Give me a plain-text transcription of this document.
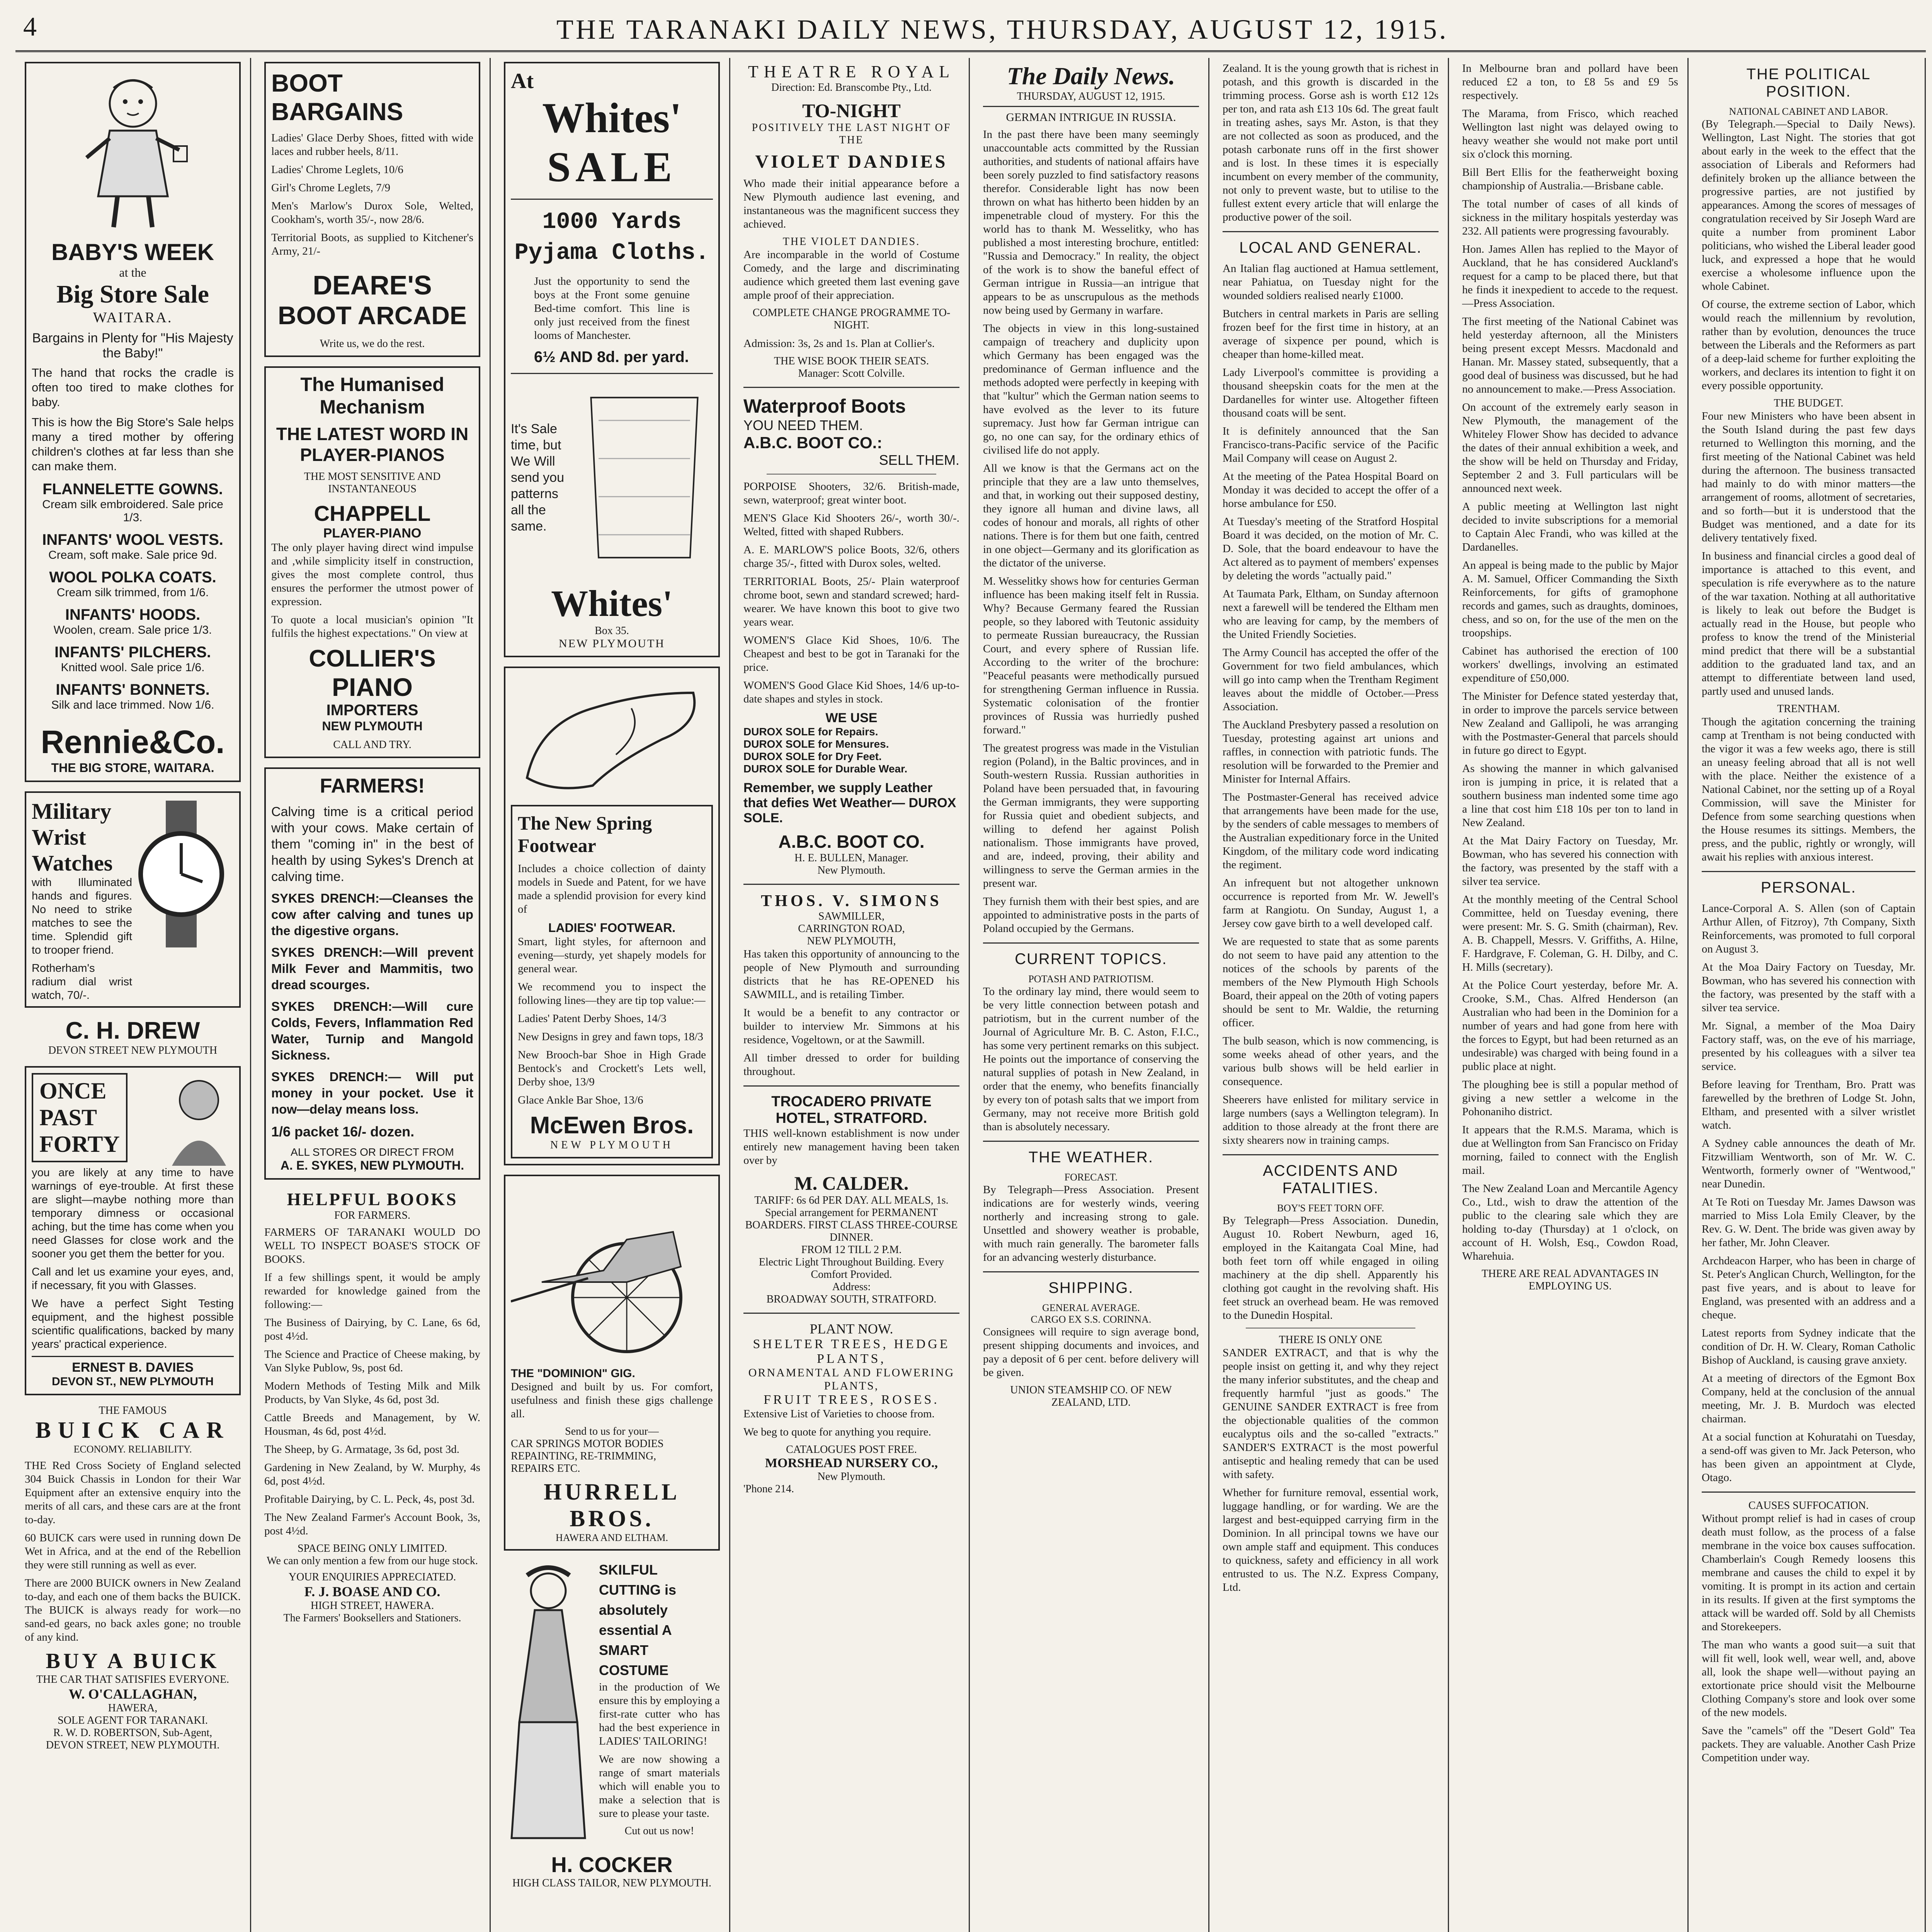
4	THE TARANAKI DAILY NEWS, THURSDAY, AUGUST 12, 1915.
BABY'S WEEK
at the
Big Store Sale
WAITARA.
Bargains in Plenty for "His Majesty the Baby!"
The hand that rocks the cradle is often too tired to make clothes for baby.
This is how the Big Store's Sale helps many a tired mother by offering children's clothes at far less than she can make them.
FLANNELETTE GOWNS.
Cream silk embroidered. Sale price 1/3.
INFANTS' WOOL VESTS.
Cream, soft make. Sale price 9d.
WOOL POLKA COATS.
Cream silk trimmed, from 1/6.
INFANTS' HOODS.
Woolen, cream. Sale price 1/3.
INFANTS' PILCHERS.
Knitted wool. Sale price 1/6.
INFANTS' BONNETS.
Silk and lace trimmed. Now 1/6.
Rennie&Co.
THE BIG STORE, WAITARA.
Military
Wrist
Watches
with Illuminated hands and figures. No need to strike matches to see the time. Splendid gift to trooper friend.
Rotherham's radium dial wrist watch, 70/-.
C. H. DREW
DEVON STREET NEW PLYMOUTH
ONCE
PAST
FORTY
you are likely at any time to have warnings of eye-trouble. At first these are slight—maybe nothing more than temporary dimness or occasional aching, but the time has come when you need Glasses for close work and the sooner you get them the better for you.
Call and let us examine your eyes, and, if necessary, fit you with Glasses.
We have a perfect Sight Testing equipment, and the highest possible scientific qualifications, backed by many years' practical experience.
ERNEST B. DAVIES
DEVON ST., NEW PLYMOUTH
THE FAMOUS
BUICK CAR
ECONOMY. RELIABILITY.
THE Red Cross Society of England selected 304 Buick Chassis in London for their War Equipment after an extensive enquiry into the merits of all cars, and these cars are at the front to-day.
60 BUICK cars were used in running down De Wet in Africa, and at the end of the Rebellion they were still running as well as ever.
There are 2000 BUICK owners in New Zealand to-day, and each one of them backs the BUICK. The BUICK is always ready for work—no sand-ed gears, no back axles gone; no trouble of any kind.
BUY A BUICK
THE CAR THAT SATISFIES EVERYONE.
W. O'CALLAGHAN,
HAWERA,
SOLE AGENT FOR TARANAKI.
R. W. D. ROBERTSON, Sub-Agent,
DEVON STREET, NEW PLYMOUTH.
BOOT
BARGAINS
Ladies' Glace Derby Shoes, fitted with wide laces and rubber heels, 8/11.
Ladies' Chrome Leglets, 10/6
Girl's Chrome Leglets, 7/9
Men's Marlow's Durox Sole, Welted, Cookham's, worth 35/-, now 28/6.
Territorial Boots, as supplied to Kitchener's Army, 21/-
DEARE'S
BOOT ARCADE
Write us, we do the rest.
The Humanised Mechanism
THE LATEST WORD IN PLAYER-PIANOS
THE MOST SENSITIVE AND INSTANTANEOUS
CHAPPELL
PLAYER-PIANO
The only player having direct wind impulse and ,while simplicity itself in construction, gives the most complete control, thus ensures the performer the utmost power of expression.
To quote a local musician's opinion "It fulfils the highest expectations." On view at
COLLIER'S
PIANO
IMPORTERS
NEW PLYMOUTH
CALL AND TRY.
FARMERS!
Calving time is a critical period with your cows. Make certain of them "coming in" in the best of health by using Sykes's Drench at calving time.
SYKES DRENCH:—Cleanses the cow after calving and tunes up the digestive organs.
SYKES DRENCH:—Will prevent Milk Fever and Mammitis, two dread scourges.
SYKES DRENCH:—Will cure Colds, Fevers, Inflammation Red Water, Turnip and Mangold Sickness.
SYKES DRENCH:— Will put money in your pocket. Use it now—delay means loss.
1/6 packet 16/- dozen.
ALL STORES OR DIRECT FROM
A. E. SYKES, NEW PLYMOUTH.
HELPFUL BOOKS
FOR FARMERS.
FARMERS OF TARANAKI WOULD DO WELL TO INSPECT BOASE'S STOCK OF BOOKS.
If a few shillings spent, it would be amply rewarded for knowledge gained from the following:—
The Business of Dairying, by C. Lane, 6s 6d, post 4½d.
The Science and Practice of Cheese making, by Van Slyke Publow, 9s, post 6d.
Modern Methods of Testing Milk and Milk Products, by Van Slyke, 4s 6d, post 3d.
Cattle Breeds and Management, by W. Housman, 4s 6d, post 4½d.
The Sheep, by G. Armatage, 3s 6d, post 3d.
Gardening in New Zealand, by W. Murphy, 4s 6d, post 4½d.
Profitable Dairying, by C. L. Peck, 4s, post 3d.
The New Zealand Farmer's Account Book, 3s, post 4½d.
SPACE BEING ONLY LIMITED.
We can only mention a few from our huge stock.
YOUR ENQUIRIES APPRECIATED.
F. J. BOASE AND CO.
HIGH STREET, HAWERA.
The Farmers' Booksellers and Stationers.
At
Whites'
SALE
1000 Yards Pyjama Cloths.
Just the opportunity to send the boys at the Front some genuine Bed-time comfort. This line is only just received from the finest looms of Manchester.
6½ AND 8d. per yard.
It's Sale time, but We Will send you patterns all the same.
Whites'
Box 35.
NEW PLYMOUTH
The New Spring Footwear
Includes a choice collection of dainty models in Suede and Patent, for we have made a splendid provision for every kind of
LADIES' FOOTWEAR.
Smart, light styles, for afternoon and evening—sturdy, yet shapely models for general wear.
We recommend you to inspect the following lines—they are tip top value:—
Ladies' Patent Derby Shoes, 14/3
New Designs in grey and fawn tops, 18/3
New Brooch-bar Shoe in High Grade Bentock's and Crockett's Lets well, Derby shoe, 13/9
Glace Ankle Bar Shoe, 13/6
McEwen Bros.
NEW PLYMOUTH
THE "DOMINION" GIG.
Designed and built by us. For comfort, usefulness and finish these gigs challenge all.
Send to us for your—
CAR SPRINGS MOTOR BODIES
REPAINTING, RE-TRIMMING,
REPAIRS ETC.
HURRELL BROS.
HAWERA AND ELTHAM.
SKILFUL CUTTING is absolutely essential A SMART COSTUME
in the production of We ensure this by employing a first-rate cutter who has had the best experience in LADIES' TAILORING!
We are now showing a range of smart materials which will enable you to make a selection that is sure to please your taste.
Cut out us now!
H. COCKER
HIGH CLASS TAILOR, NEW PLYMOUTH.
THEATRE ROYAL
Direction: Ed. Branscombe Pty., Ltd.
TO-NIGHT
POSITIVELY THE LAST NIGHT OF THE
VIOLET DANDIES
Who made their initial appearance before a New Plymouth audience last evening, and instantaneous was the magnificent success they achieved.
THE VIOLET DANDIES.
Are incomparable in the world of Costume Comedy, and the large and discriminating audience which greeted them last evening gave ample proof of their appreciation.
COMPLETE CHANGE PROGRAMME TO-NIGHT.
Admission: 3s, 2s and 1s. Plan at Collier's.
THE WISE BOOK THEIR SEATS.
Manager: Scott Colville.
Waterproof Boots
YOU NEED THEM.
A.B.C. BOOT CO.:
SELL THEM.
PORPOISE Shooters, 32/6. British-made, sewn, waterproof; great winter boot.
MEN'S Glace Kid Shooters 26/-, worth 30/-. Welted, fitted with shaped Rubbers.
A. E. MARLOW'S police Boots, 32/6, others charge 35/-, fitted with Durox soles, welted.
TERRITORIAL Boots, 25/- Plain waterproof chrome boot, sewn and standard screwed; hard-wearer. We have known this boot to give two years wear.
WOMEN'S Glace Kid Shoes, 10/6. The Cheapest and best to be got in Taranaki for the price.
WOMEN'S Good Glace Kid Shoes, 14/6 up-to-date shapes and styles in stock.
WE USE
DUROX SOLE for Repairs.
DUROX SOLE for Mensures.
DUROX SOLE for Dry Feet.
DUROX SOLE for Durable Wear.
Remember, we supply Leather that defies Wet Weather— DUROX SOLE.
A.B.C. BOOT CO.
H. E. BULLEN, Manager.
New Plymouth.
THOS. V. SIMONS
SAWMILLER,
CARRINGTON ROAD,
NEW PLYMOUTH,
Has taken this opportunity of announcing to the people of New Plymouth and surrounding districts that he has RE-OPENED his SAWMILL, and is retailing Timber.
It would be a benefit to any contractor or builder to interview Mr. Simmons at his residence, Vogeltown, or at the Sawmill.
All timber dressed to order for building throughout.
TROCADERO PRIVATE HOTEL, STRATFORD.
THIS well-known establishment is now under entirely new management having been taken over by
M. CALDER.
TARIFF: 6s 6d PER DAY. ALL MEALS, 1s.
Special arrangement for PERMANENT BOARDERS. FIRST CLASS THREE-COURSE DINNER.
FROM 12 TILL 2 P.M.
Electric Light Throughout Building. Every Comfort Provided.
Address:
BROADWAY SOUTH, STRATFORD.
PLANT NOW.
SHELTER TREES, HEDGE PLANTS,
ORNAMENTAL AND FLOWERING PLANTS,
FRUIT TREES, ROSES.
Extensive List of Varieties to choose from.
We beg to quote for anything you require.
CATALOGUES POST FREE.
MORSHEAD NURSERY CO.,
New Plymouth.
'Phone 214.
The Daily News.
THURSDAY, AUGUST 12, 1915.
GERMAN INTRIGUE IN RUSSIA.
In the past there have been many seemingly unaccountable acts committed by the Russian authorities, and students of national affairs have been sorely puzzled to find satisfactory reasons therefor. Considerable light has now been thrown on what has hitherto been hidden by an impenetrable cloud of mystery. For this the world has to thank M. Wesselitky, who has published a most interesting brochure, entitled: "Russia and Democracy." In reality, the object of the work is to show the baneful effect of German intrigue in Russia—an intrigue that appears to be as unscrupulous as the methods now being used by Germany in warfare.
The objects in view in this long-sustained campaign of treachery and duplicity upon which Germany has been engaged was the predominance of German influence and the methods adopted were perfectly in keeping with that "kultur" which the German nation seems to have evolved as the lever to its future supremacy. Just how far German intrigue can go, no one can say, for the ordinary ethics of civilised life do not apply.
All we know is that the Germans act on the principle that they are a law unto themselves, and that, in working out their supposed destiny, they ignore all human and divine laws, all codes of honour and morals, all rights of other nations. There is for them but one faith, centred in one object—Germany and its glorification as the dictator of the universe.
M. Wesselitky shows how for centuries German influence has been making itself felt in Russia. Why? Because Germany feared the Russian people, so they labored with Teutonic assiduity to permeate Russian bureaucracy, the Russian Court, and every sphere of Russian life. According to the writer of the brochure: "Peaceful peasants were methodically pursued for strengthening German influence in Russia. Systematic colonisation of the frontier provinces of Russia was hurriedly pushed forward."
The greatest progress was made in the Vistulian region (Poland), in the Baltic provinces, and in South-western Russia. Russian authorities in Poland have been persuaded that, in favouring the German immigrants, they were supporting for Russia quiet and obedient subjects, and willing to defend her against Polish nationalism. Those immigrants have proved, and are, indeed, proving, their ability and willingness to serve the German armies in the present war.
They furnish them with their best spies, and are appointed to administrative posts in the parts of Poland occupied by the Germans.
CURRENT TOPICS.
POTASH AND PATRIOTISM.
To the ordinary lay mind, there would seem to be very little connection between potash and patriotism, but in the current number of the Journal of Agriculture Mr. B. C. Aston, F.I.C., has some very pertinent remarks on this subject. He points out the importance of conserving the natural supplies of potash in New Zealand, in order that the enemy, who benefits financially by every ton of potash salts that we import from Germany, may not receive more British gold than is absolutely necessary.
THE WEATHER.
FORECAST.
By Telegraph—Press Association. Present indications are for westerly winds, veering northerly and increasing strong to gale. Unsettled and showery weather is probable, with much rain generally. The barometer falls for an advancing westerly disturbance.
SHIPPING.
GENERAL AVERAGE.
CARGO EX S.S. CORINNA.
Consignees will require to sign average bond, present shipping documents and invoices, and pay a deposit of 6 per cent. before delivery will be given.
UNION STEAMSHIP CO. OF NEW ZEALAND, LTD.
Zealand. It is the young growth that is richest in potash, and this growth is discarded in the trimming process. Gorse ash is worth £12 12s per ton, and rata ash £13 10s 6d. The great fault in treating ashes, says Mr. Aston, is that they are not collected as soon as produced, and the potash carbonate runs off in the first shower and is lost. In these times it is especially incumbent on every member of the community, not only to prevent waste, but to utilise to the fullest extent every article that will enlarge the productive power of the soil.
LOCAL AND GENERAL.
An Italian flag auctioned at Hamua settlement, near Pahiatua, on Tuesday night for the wounded soldiers realised nearly £1000.
Butchers in central markets in Paris are selling frozen beef for the first time in history, at an average of sixpence per pound, which is cheaper than home-killed meat.
Lady Liverpool's committee is providing a thousand sheepskin coats for the men at the Dardanelles for winter use. Altogether fifteen thousand coats will be sent.
It is definitely announced that the San Francisco-trans-Pacific service of the Pacific Mail Company will cease on August 2.
At the meeting of the Patea Hospital Board on Monday it was decided to accept the offer of a horse ambulance for £50.
At Tuesday's meeting of the Stratford Hospital Board it was decided, on the motion of Mr. C. D. Sole, that the board endeavour to have the Act altered as to payment of members' expenses by deleting the words "actually paid."
At Taumata Park, Eltham, on Sunday afternoon next a farewell will be tendered the Eltham men who are leaving for camp, by the members of the United Friendly Societies.
The Army Council has accepted the offer of the Government for two field ambulances, which will go into camp when the Trentham Regiment leaves about the middle of October.—Press Association.
The Auckland Presbytery passed a resolution on Tuesday, protesting against art unions and raffles, in connection with patriotic funds. The resolution will be forwarded to the Premier and Minister for Internal Affairs.
The Postmaster-General has received advice that arrangements have been made for the use, by the senders of cable messages to members of the Australian expeditionary force in the United Kingdom, of the military code word indicating the regiment.
An infrequent but not altogether unknown occurrence is reported from Mr. W. Jewell's farm at Rangiotu. On Sunday, August 1, a Jersey cow gave birth to a well developed calf.
We are requested to state that as some parents do not seem to have paid any attention to the notices of the schools by parents of the members of the New Plymouth High Schools Board, their appeal on the 20th of voting papers should be sent to Mr. Waldie, the returning officer.
The bulb season, which is now commencing, is some weeks ahead of other years, and the various bulb shows will be held earlier in consequence.
Sheerers have enlisted for military service in large numbers (says a Wellington telegram). In addition to those already at the front there are sixty shearers now in training camps.
ACCIDENTS AND FATALITIES.
BOY'S FEET TORN OFF.
By Telegraph—Press Association. Dunedin, August 10. Robert Newburn, aged 16, employed in the Kaitangata Coal Mine, had both feet torn off while engaged in oiling machinery at the dip shell. Apparently his clothing got caught in the revolving shaft. His feet struck an overhead beam. He was removed to the Dunedin Hospital.
THERE IS ONLY ONE
SANDER EXTRACT, and that is why the people insist on getting it, and why they reject the many inferior substitutes, and the cheap and frequently harmful "just as goods." The GENUINE SANDER EXTRACT is free from the objectionable qualities of the common eucalyptus oils and the so-called "extracts." SANDER'S EXTRACT is the most powerful antiseptic and healing remedy that can be used with safety.
Whether for furniture removal, essential work, luggage handling, or for warding. We are the largest and best-equipped carrying firm in the Dominion. In all principal towns we have our own ample staff and equipment. This conduces to quickness, safety and efficiency in all work entrusted to us. The N.Z. Express Company, Ltd.
In Melbourne bran and pollard have been reduced £2 a ton, to £8 5s and £9 5s respectively.
The Marama, from Frisco, which reached Wellington last night was delayed owing to heavy weather she would not make port until six o'clock this morning.
Bill Bert Ellis for the featherweight boxing championship of Australia.—Brisbane cable.
The total number of cases of all kinds of sickness in the military hospitals yesterday was 232. All patients were progressing favourably.
Hon. James Allen has replied to the Mayor of Auckland, that he has considered Auckland's request for a camp to be placed there, but that he finds it inexpedient to accede to the request.—Press Association.
The first meeting of the National Cabinet was held yesterday afternoon, all the Ministers being present except Messrs. Macdonald and Hanan. Mr. Massey stated, subsequently, that a good deal of business was discussed, but he had no announcement to make.—Press Association.
On account of the extremely early season in New Plymouth, the management of the Whiteley Flower Show has decided to advance the dates of their annual exhibition a week, and the show will be held on Thursday and Friday, September 2 and 3. Full particulars will be announced next week.
A public meeting at Wellington last night decided to invite subscriptions for a memorial to Captain Alec Frandi, who was killed at the Dardanelles.
An appeal is being made to the public by Major A. M. Samuel, Officer Commanding the Sixth Reinforcements, for gifts of gramophone records and games, such as draughts, dominoes, chess, and so on, for the use of the men on the troopships.
Cabinet has authorised the erection of 100 workers' dwellings, involving an estimated expenditure of £50,000.
The Minister for Defence stated yesterday that, in order to improve the parcels service between New Zealand and Gallipoli, he was arranging with the Postmaster-General that parcels should in future go direct to Egypt.
As showing the manner in which galvanised iron is jumping in price, it is related that a southern business man indented some time ago a line that cost him £18 10s per ton to land in New Zealand.
At the Mat Dairy Factory on Tuesday, Mr. Bowman, who has severed his connection with the factory, was presented by the staff with a silver tea service.
At the monthly meeting of the Central School Committee, held on Tuesday evening, there were present: Mr. S. G. Smith (chairman), Rev. A. B. Chappell, Messrs. V. Griffiths, A. Hilne, F. Hardgrave, F. Coleman, G. H. Dilby, and C. H. Mills (secretary).
At the Police Court yesterday, before Mr. A. Crooke, S.M., Chas. Alfred Henderson (an Australian who had been in the Dominion for a number of years and had gone from here with the forces to Egypt, but had been returned as an undesirable) was charged with being found in a public place at night.
The ploughing bee is still a popular method of giving a new settler a welcome in the Pohonaniho district.
It appears that the R.M.S. Marama, which is due at Wellington from San Francisco on Friday morning, failed to connect with the English mail.
The New Zealand Loan and Mercantile Agency Co., Ltd., wish to draw the attention of the public to the clearing sale which they are holding to-day (Thursday) at 1 o'clock, on account of H. Wolsh, Esq., Cowdon Road, Wharehuia.
THERE ARE REAL ADVANTAGES IN EMPLOYING US.
THE POLITICAL POSITION.
NATIONAL CABINET AND LABOR.
(By Telegraph.—Special to Daily News). Wellington, Last Night. The stories that got about early in the week to the effect that the association of Liberals and Reformers had definitely broken up the alliance between the progressive parties, are not justified by appearances. Among the scores of messages of congratulation received by Sir Joseph Ward are quite a number from prominent Labor politicians, who wished the Liberal leader good luck, and expressed a hope that he would exercise a wholesome influence upon the whole Cabinet.
Of course, the extreme section of Labor, which would reach the millennium by revolution, rather than by evolution, denounces the truce between the Liberals and the Reformers as part of a deep-laid scheme for further exploiting the workers, and declares its intention to fight it on every possible opportunity.
THE BUDGET.
Four new Ministers who have been absent in the South Island during the past few days returned to Wellington this morning, and the first meeting of the National Cabinet was held during the afternoon. The business transacted had mainly to do with minor matters—the arrangement of rooms, allotment of secretaries, and so forth—but it is understood that the Budget was mentioned, and a date for its delivery tentatively fixed.
In business and financial circles a good deal of importance is attached to this event, and speculation is rife everywhere as to the nature of the war taxation. Nothing at all authoritative is likely to leak out before the Budget is actually read in the House, but people who profess to know the trend of the Ministerial mind predict that there will be a substantial addition to the graduated land tax, and an attempt to differentiate between land used, partly used and unused lands.
TRENTHAM.
Though the agitation concerning the training camp at Trentham is not being conducted with the vigor it was a few weeks ago, there is still an uneasy feeling abroad that all is not well with the place. Neither the existence of a National Cabinet, nor the setting up of a Royal Commission, will save the Minister for Defence from some searching questions when the House resumes its sittings. Members, the press, and the public, rightly or wrongly, will await his replies with anxious interest.
PERSONAL.
Lance-Corporal A. S. Allen (son of Captain Arthur Allen, of Fitzroy), 7th Company, Sixth Reinforcements, was promoted to full corporal on August 3.
At the Moa Dairy Factory on Tuesday, Mr. Bowman, who has severed his connection with the factory, was presented by the staff with a silver tea service.
Mr. Signal, a member of the Moa Dairy Factory staff, was, on the eve of his marriage, presented by his colleagues with a silver tea service.
Before leaving for Trentham, Bro. Pratt was farewelled by the brethren of Lodge St. John, Eltham, and presented with a silver wristlet watch.
A Sydney cable announces the death of Mr. Fitzwilliam Wentworth, son of Mr. W. C. Wentworth, formerly owner of "Wentwood," near Dunedin.
At Te Roti on Tuesday Mr. James Dawson was married to Miss Lola Emily Cleaver, by the Rev. G. W. Dent. The bride was given away by her father, Mr. John Cleaver.
Archdeacon Harper, who has been in charge of St. Peter's Anglican Church, Wellington, for the past five years, and is about to leave for England, was presented with an address and a cheque.
Latest reports from Sydney indicate that the condition of Dr. H. W. Cleary, Roman Catholic Bishop of Auckland, is causing grave anxiety.
At a meeting of directors of the Egmont Box Company, held at the conclusion of the annual meeting, Mr. J. B. Murdoch was elected chairman.
At a social function at Kohuratahi on Tuesday, a send-off was given to Mr. Jack Peterson, who has been given an appointment at Clyde, Otago.
CAUSES SUFFOCATION.
Without prompt relief is had in cases of croup death must follow, as the process of a false membrane in the voice box causes suffocation. Chamberlain's Cough Remedy loosens this membrane and causes the child to expel it by vomiting. It is prompt in its action and certain in its results. If given at the first symptoms the attack will be warded off. Sold by all Chemists and Storekeepers.
The man who wants a good suit—a suit that will fit well, look well, wear well, and, above all, look the shape well—without paying an extortionate price should visit the Melbourne Clothing Company's store and look over some of the new models.
Save the "camels" off the "Desert Gold" Tea packets. They are valuable. Another Cash Prize Competition under way.
